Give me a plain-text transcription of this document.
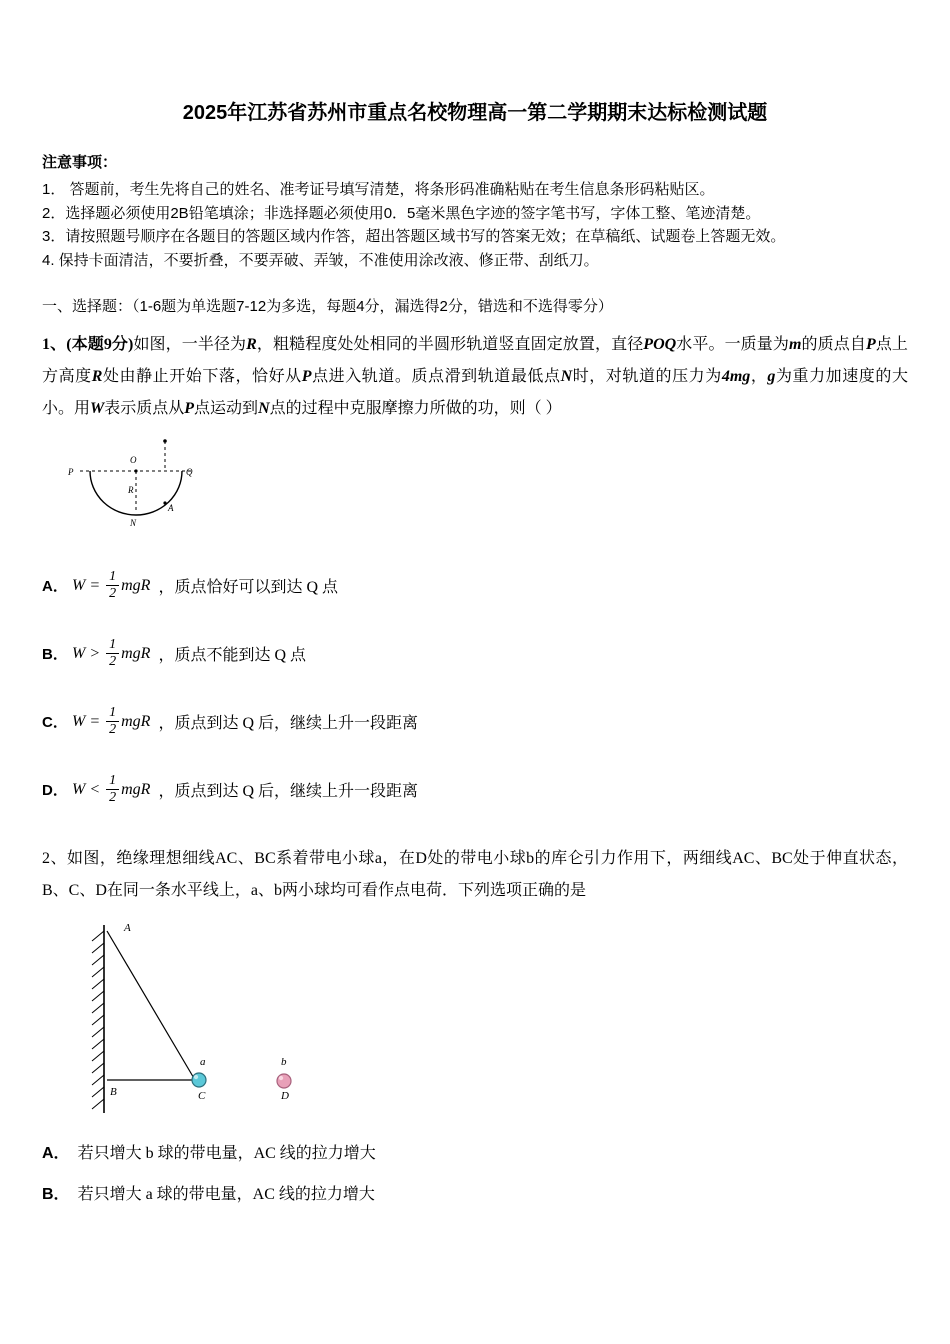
2025年江苏省苏州市重点名校物理高一第二学期期末达标检测试题
注意事项：

1． 答题前，考生先将自己的姓名、准考证号填写清楚，将条形码准确粘贴在考生信息条形码粘贴区。

2．选择题必须使用2B铅笔填涂；非选择题必须使用0．5毫米黑色字迹的签字笔书写，字体工整、笔迹清楚。

3．请按照题号顺序在各题目的答题区域内作答，超出答题区域书写的答案无效；在草稿纸、试题卷上答题无效。

4. 保持卡面清洁，不要折叠，不要弄破、弄皱，不准使用涂改液、修正带、刮纸刀。

一、选择题：（1-6题为单选题7-12为多选，每题4分，漏选得2分，错选和不选得零分）

1、(本题9分)如图，一半径为R，粗糙程度处处相同的半圆形轨道竖直固定放置，直径POQ水平。一质量为m的质点自P点上方高度R处由静止开始下落，恰好从P点进入轨道。质点滑到轨道最低点N时，对轨道的压力为4mg，g为重力加速度的大小。用W表示质点从P点运动到N点的过程中克服摩擦力所做的功，则（ ）

P
O
Q
R
N
A
A． $W = \frac{1}{2}$ mgR ，质点恰好可以到达 Q 点
B． $W > \frac{1}{2}$ mgR ，质点不能到达 Q 点
C． $W = \frac{1}{2}$ mgR ，质点到达 Q 后，继续上升一段距离
D． $W < \frac{1}{2}$ mgR ，质点到达 Q 后，继续上升一段距离

2、如图，绝缘理想细线AC、BC系着带电小球a，在D处的带电小球b的库仑引力作用下，两细线AC、BC处于伸直状态，B、C、D在同一条水平线上，a、b两小球均可看作点电荷．下列选项正确的是

A
B	C
a	b
D

A． 若只增大 b 球的带电量，AC 线的拉力增大

B． 若只增大 a 球的带电量，AC 线的拉力增大
